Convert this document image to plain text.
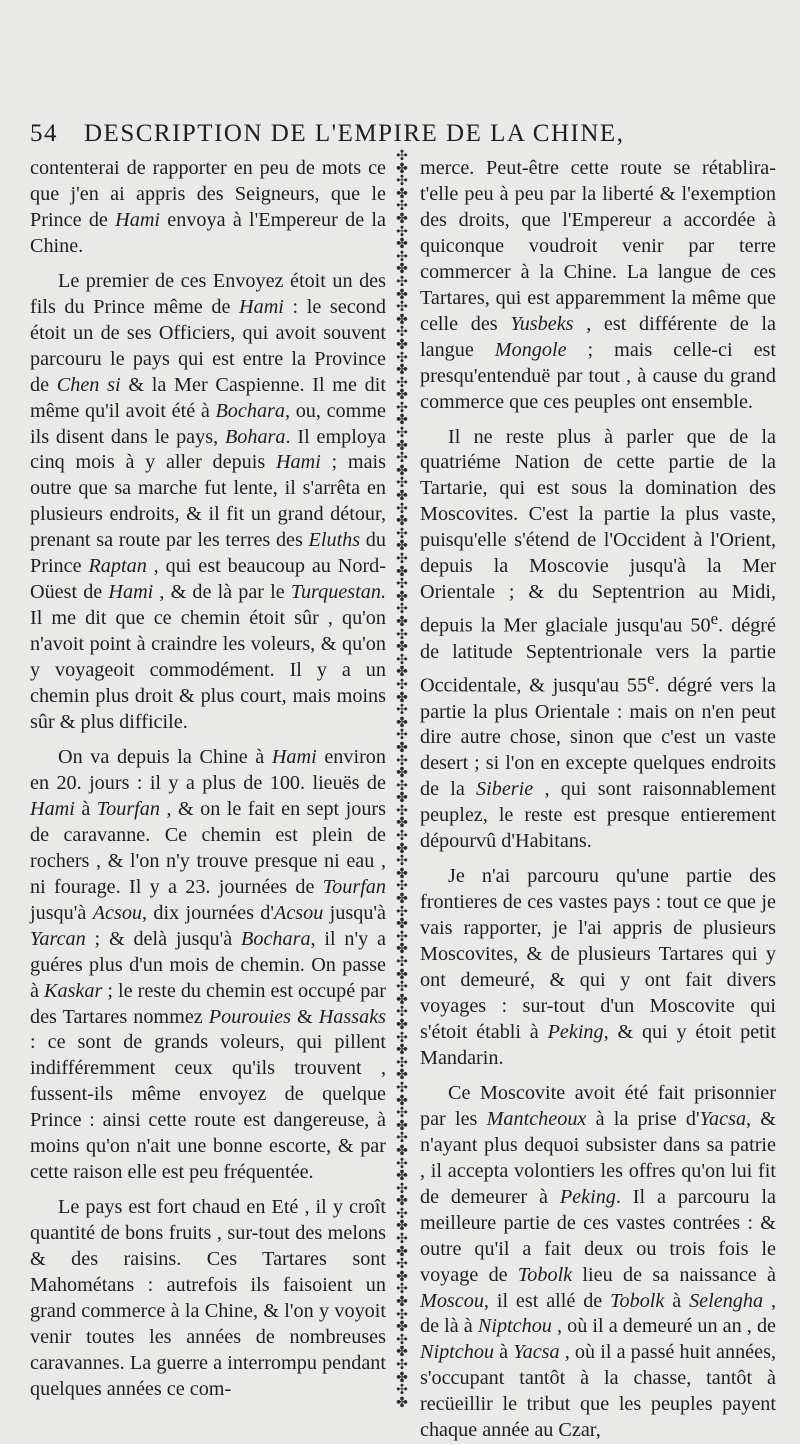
54 DESCRIPTION DE L'EMPIRE DE LA CHINE,

contenterai de rapporter en peu de mots ce que j'en ai appris des Seigneurs, que le Prince de Hami envoya à l'Empereur de la Chine.

Le premier de ces Envoyez étoit un des fils du Prince même de Hami : le second étoit un de ses Officiers, qui avoit souvent parcouru le pays qui est entre la Province de Chen si & la Mer Caspienne. Il me dit même qu'il avoit été à Bochara, ou, comme ils disent dans le pays, Bohara. Il employa cinq mois à y aller depuis Hami ; mais outre que sa marche fut lente, il s'arrêta en plusieurs endroits, & il fit un grand détour, prenant sa route par les terres des Eluths du Prince Raptan , qui est beaucoup au Nord-Oüest de Hami , & de là par le Turquestan. Il me dit que ce chemin étoit sûr , qu'on n'avoit point à craindre les voleurs, & qu'on y voyageoit commodément. Il y a un chemin plus droit & plus court, mais moins sûr & plus difficile.

On va depuis la Chine à Hami environ en 20. jours : il y a plus de 100. lieuës de Hami à Tourfan , & on le fait en sept jours de caravanne. Ce chemin est plein de rochers , & l'on n'y trouve presque ni eau , ni fourage. Il y a 23. journées de Tourfan jusqu'à Acsou, dix journées d'Acsou jusqu'à Yarcan ; & delà jusqu'à Bochara, il n'y a guéres plus d'un mois de chemin. On passe à Kaskar ; le reste du chemin est occupé par des Tartares nommez Pourouies & Hassaks : ce sont de grands voleurs, qui pillent indifféremment ceux qu'ils trouvent , fussent-ils même envoyez de quelque Prince : ainsi cette route est dangereuse, à moins qu'on n'ait une bonne escorte, & par cette raison elle est peu fréquentée.

Le pays est fort chaud en Eté , il y croît quantité de bons fruits , sur-tout des melons & des raisins. Ces Tartares sont Mahométans : autrefois ils faisoient un grand commerce à la Chine, & l'on y voyoit venir toutes les années de nombreuses caravannes. La guerre a interrompu pendant quelques années ce com-

✣
✤
✣
✤
✣
✤
✣
✤
✣
✤
✣
✤
✣
✤
✣
✤
✣
✤
✣
✤
✣
✤
✣
✤
✣
✤
✣
✤
✣
✤
✣
✤
✣
✤
✣
✤
✣
✤
✣
✤
✣
✤
✣
✤
✣
✤
✣
✤
✣
✤
✣
✤
✣
✤
✣
✤
✣
✤
✣
✤
✣
✤
✣
✤
✣
✤
✣
✤
✣
✤
✣
✤
✣
✤
✣
✤
✣
✤
✣
✤
✣
✤
✣
✤
✣
✤
✣
✤
✣
✤
✣
✤
✣
✤
✣
✤
✣
✤
✣
✤

merce. Peut-être cette route se rétablira-t'elle peu à peu par la liberté & l'exemption des droits, que l'Empereur a accordée à quiconque voudroit venir par terre commercer à la Chine. La langue de ces Tartares, qui est apparemment la même que celle des Yusbeks , est différente de la langue Mongole ; mais celle-ci est presqu'entenduë par tout , à cause du grand commerce que ces peuples ont ensemble.

Il ne reste plus à parler que de la quatriéme Nation de cette partie de la Tartarie, qui est sous la domination des Moscovites. C'est la partie la plus vaste, puisqu'elle s'étend de l'Occident à l'Orient, depuis la Moscovie jusqu'à la Mer Orientale ; & du Septentrion au Midi, depuis la Mer glaciale jusqu'au 50e. dégré de latitude Septentrionale vers la partie Occidentale, & jusqu'au 55e. dégré vers la partie la plus Orientale : mais on n'en peut dire autre chose, sinon que c'est un vaste desert ; si l'on en excepte quelques endroits de la Siberie , qui sont raisonnablement peuplez, le reste est presque entierement dépourvû d'Habitans.

Je n'ai parcouru qu'une partie des frontieres de ces vastes pays : tout ce que je vais rapporter, je l'ai appris de plusieurs Moscovites, & de plusieurs Tartares qui y ont demeuré, & qui y ont fait divers voyages : sur-tout d'un Moscovite qui s'étoit établi à Peking, & qui y étoit petit Mandarin.

Ce Moscovite avoit été fait prisonnier par les Mantcheoux à la prise d'Yacsa, & n'ayant plus dequoi subsister dans sa patrie , il accepta volontiers les offres qu'on lui fit de demeurer à Peking. Il a parcouru la meilleure partie de ces vastes contrées : & outre qu'il a fait deux ou trois fois le voyage de Tobolk lieu de sa naissance à Moscou, il est allé de Tobolk à Selengha , de là à Niptchou , où il a demeuré un an , de Niptchou à Yacsa , où il a passé huit années, s'occupant tantôt à la chasse, tantôt à recüeillir le tribut que les peuples payent chaque année au Czar,
